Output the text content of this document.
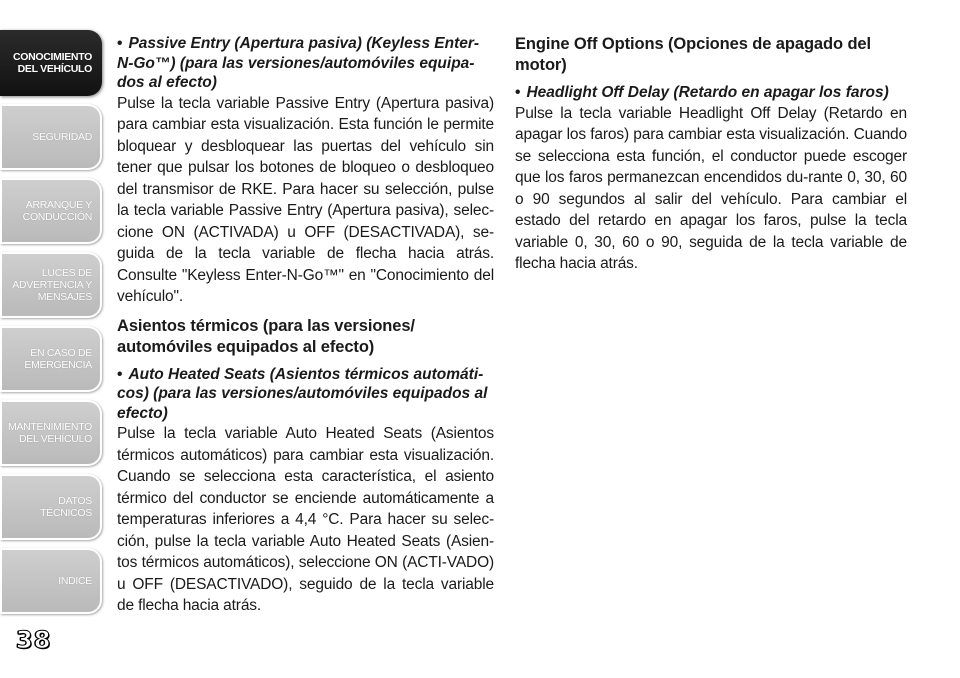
CONOCIMIENTO
DEL VEHÍCULO
SEGURIDAD
ARRANQUE Y
CONDUCCIÓN
LUCES DE
ADVERTENCIA Y
MENSAJES
EN CASO DE
EMERGENCIA
MANTENIMIENTO
DEL VEHÍCULO
DATOS
TÉCNICOS
INDICE
38

• Passive Entry (Apertura pasiva) (Keyless Enter-N-Go™) (para las versiones/automóviles equipa-dos al efecto)

Pulse la tecla variable Passive Entry (Apertura pasiva) para cambiar esta visualización. Esta función le permite bloquear y desbloquear las puertas del vehículo sin tener que pulsar los botones de bloqueo o desbloqueo del transmisor de RKE. Para hacer su selección, pulse la tecla variable Passive Entry (Apertura pasiva), selec-cione ON (ACTIVADA) u OFF (DESACTIVADA), se-guida de la tecla variable de flecha hacia atrás. Consulte "Keyless Enter-N-Go™" en "Conocimiento del vehículo".

Asientos térmicos (para las versiones/ automóviles equipados al efecto)

• Auto Heated Seats (Asientos térmicos automáti-cos) (para las versiones/automóviles equipados al efecto)

Pulse la tecla variable Auto Heated Seats (Asientos térmicos automáticos) para cambiar esta visualización. Cuando se selecciona esta característica, el asiento térmico del conductor se enciende automáticamente a temperaturas inferiores a 4,4 °C. Para hacer su selec-ción, pulse la tecla variable Auto Heated Seats (Asien-tos térmicos automáticos), seleccione ON (ACTI-VADO) u OFF (DESACTIVADO), seguido de la tecla variable de flecha hacia atrás.

Engine Off Options (Opciones de apagado del motor)

• Headlight Off Delay (Retardo en apagar los faros)

Pulse la tecla variable Headlight Off Delay (Retardo en apagar los faros) para cambiar esta visualización. Cuando se selecciona esta función, el conductor puede escoger que los faros permanezcan encendidos du-rante 0, 30, 60 o 90 segundos al salir del vehículo. Para cambiar el estado del retardo en apagar los faros, pulse la tecla variable 0, 30, 60 o 90, seguida de la tecla variable de flecha hacia atrás.
